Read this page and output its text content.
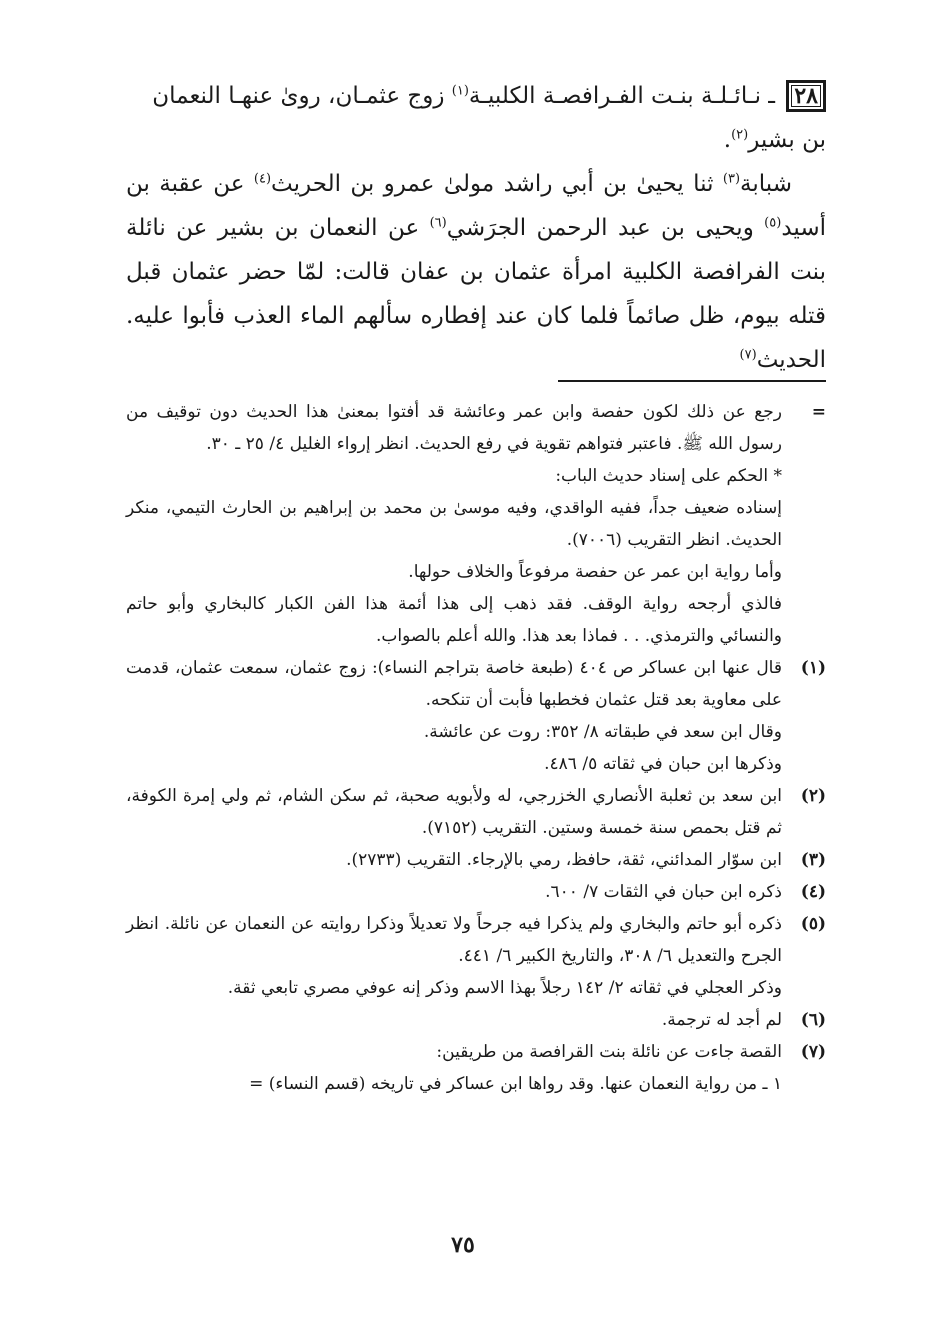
٢٨ ـ نـائـلـة بنـت الفـرافصـة الكلبيـة$^{(١)}$ زوج عثمـان، روىٰ عنهـا النعمان بن بشير$^{(٢)}$.

شبابة$^{(٣)}$ ثنا يحيىٰ بن أبي راشد مولىٰ عمرو بن الحريث$^{(٤)}$ عن عقبة بن أسيد$^{(٥)}$ ويحيى بن عبد الرحمن الجرَشي$^{(٦)}$ عن النعمان بن بشير عن نائلة بنت الفرافصة الكلبية امرأة عثمان بن عفان قالت: لمّا حضر عثمان قبل قتله بيوم، ظل صائماً فلما كان عند إفطاره سألهم الماء العذب فأبوا عليه. الحديث$^{(٧)}$

=
رجع عن ذلك لكون حفصة وابن عمر وعائشة قد أفتوا بمعنىٰ هذا الحديث دون توقيف من رسول الله ﷺ. فاعتبر فتواهم تقوية في رفع الحديث. انظر إرواء الغليل ٤/ ٢٥ ـ ٣٠.
* الحكم على إسناد حديث الباب:
إسناده ضعيف جداً، ففيه الواقدي، وفيه موسىٰ بن محمد بن إبراهيم بن الحارث التيمي، منكر الحديث. انظر التقريب (٧٠٠٦).
وأما رواية ابن عمر عن حفصة مرفوعاً والخلاف حولها.
فالذي أرجحه رواية الوقف. فقد ذهب إلى هذا أئمة هذا الفن الكبار كالبخاري وأبو حاتم والنسائي والترمذي. . . فماذا بعد هذا. والله أعلم بالصواب.
(١)
قال عنها ابن عساكر ص ٤٠٤ (طبعة خاصة بتراجم النساء): زوج عثمان، سمعت عثمان، قدمت على معاوية بعد قتل عثمان فخطبها فأبت أن تنكحه.
وقال ابن سعد في طبقاته ٨/ ٣٥٢: روت عن عائشة.
وذكرها ابن حبان في ثقاته ٥/ ٤٨٦.
(٢)
ابن سعد بن ثعلبة الأنصاري الخزرجي، له ولأبويه صحبة، ثم سكن الشام، ثم ولي إمرة الكوفة، ثم قتل بحمص سنة خمسة وستين. التقريب (٧١٥٢).
(٣)
ابن سوّار المدائني، ثقة، حافظ، رمي بالإرجاء. التقريب (٢٧٣٣).
(٤)
ذكره ابن حبان في الثقات ٧/ ٦٠٠.
(٥)
ذكره أبو حاتم والبخاري ولم يذكرا فيه جرحاً ولا تعديلاً وذكرا روايته عن النعمان عن نائلة. انظر الجرح والتعديل ٦/ ٣٠٨، والتاريخ الكبير ٦/ ٤٤١.
وذكر العجلي في ثقاته ٢/ ١٤٢ رجلاً بهذا الاسم وذكر إنه عوفي مصري تابعي ثقة.
(٦)
لم أجد له ترجمة.
(٧)
القصة جاءت عن نائلة بنت القرافصة من طريقين:
١ ـ من رواية النعمان عنها. وقد رواها ابن عساكر في تاريخه (قسم النساء) =
٧٥
